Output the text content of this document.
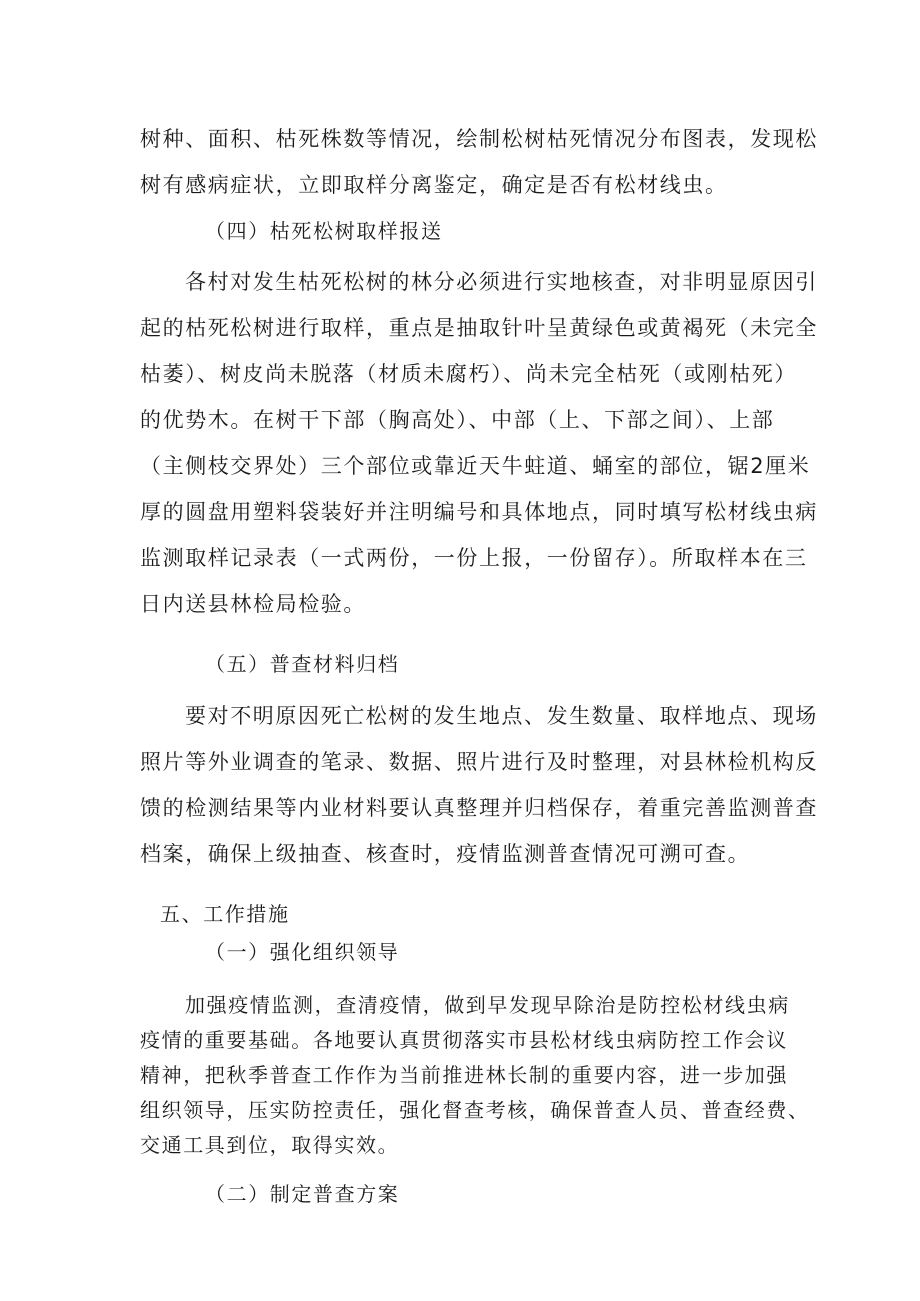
树种、面积、枯死株数等情况，绘制松树枯死情况分布图表，发现松
树有感病症状，立即取样分离鉴定，确定是否有松材线虫。
（四）枯死松树取样报送
各村对发生枯死松树的林分必须进行实地核查，对非明显原因引
起的枯死松树进行取样，重点是抽取针叶呈黄绿色或黄褐死（未完全
枯萎）、树皮尚未脱落（材质未腐朽）、尚未完全枯死（或刚枯死）
的优势木。在树干下部（胸高处）、中部（上、下部之间）、上部
（主侧枝交界处）三个部位或靠近天牛蛀道、蛹室的部位，锯2厘米
厚的圆盘用塑料袋装好并注明编号和具体地点，同时填写松材线虫病
监测取样记录表（一式两份，一份上报，一份留存）。所取样本在三
日内送县林检局检验。
（五）普查材料归档
要对不明原因死亡松树的发生地点、发生数量、取样地点、现场
照片等外业调查的笔录、数据、照片进行及时整理，对县林检机构反
馈的检测结果等内业材料要认真整理并归档保存，着重完善监测普查
档案，确保上级抽查、核查时，疫情监测普查情况可溯可查。
五、工作措施
（一）强化组织领导
加强疫情监测，查清疫情，做到早发现早除治是防控松材线虫病
疫情的重要基础。各地要认真贯彻落实市县松材线虫病防控工作会议
精神，把秋季普查工作作为当前推进林长制的重要内容，进一步加强
组织领导，压实防控责任，强化督查考核，确保普查人员、普查经费、
交通工具到位，取得实效。
（二）制定普查方案
